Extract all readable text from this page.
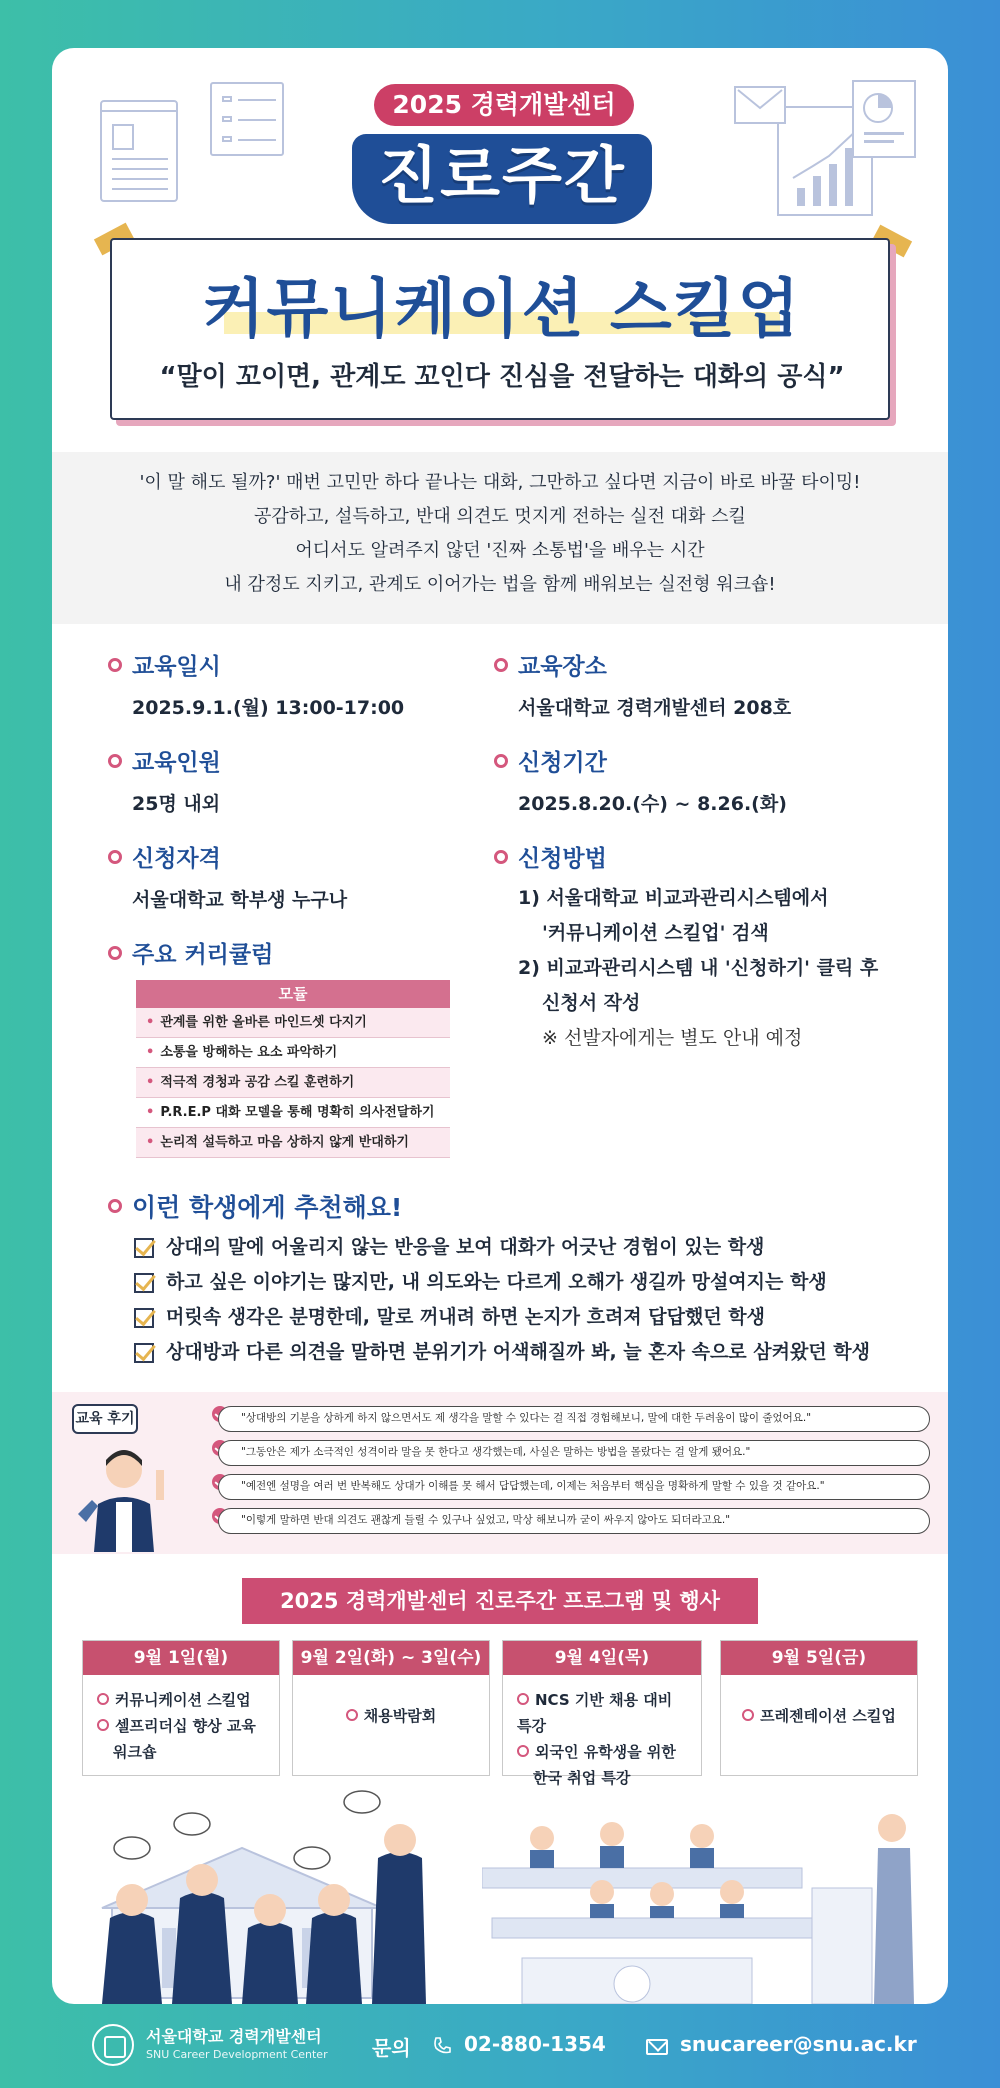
2025 경력개발센터
진로주간
커뮤니케이션 스킬업
“말이 꼬이면, 관계도 꼬인다 진심을 전달하는 대화의 공식”

'이 말 해도 될까?' 매번 고민만 하다 끝나는 대화, 그만하고 싶다면 지금이 바로 바꿀 타이밍!

공감하고, 설득하고, 반대 의견도 멋지게 전하는 실전 대화 스킬

어디서도 알려주지 않던 '진짜 소통법'을 배우는 시간

내 감정도 지키고, 관계도 이어가는 법을 함께 배워보는 실전형 워크숍!

교육일시
2025.9.1.(월) 13:00-17:00
교육장소
서울대학교 경력개발센터 208호
교육인원
25명 내외
신청기간
2025.8.20.(수) ~ 8.26.(화)
신청자격
서울대학교 학부생 누구나
신청방법
1) 서울대학교 비교과관리시스템에서
'커뮤니케이션 스킬업' 검색
2) 비교과관리시스템 내 '신청하기' 클릭 후
신청서 작성
※ 선발자에게는 별도 안내 예정
주요 커리큘럼
모듈
• 관계를 위한 올바른 마인드셋 다지기
• 소통을 방해하는 요소 파악하기
• 적극적 경청과 공감 스킬 훈련하기
• P.R.E.P 대화 모델을 통해 명확히 의사전달하기
• 논리적 설득하고 마음 상하지 않게 반대하기
이런 학생에게 추천해요!
상대의 말에 어울리지 않는 반응을 보여 대화가 어긋난 경험이 있는 학생
하고 싶은 이야기는 많지만, 내 의도와는 다르게 오해가 생길까 망설여지는 학생
머릿속 생각은 분명한데, 말로 꺼내려 하면 논지가 흐려져 답답했던 학생
상대방과 다른 의견을 말하면 분위기가 어색해질까 봐, 늘 혼자 속으로 삼켜왔던 학생
교육 후기	"상대방의 기분을 상하게 하지 않으면서도 제 생각을 말할 수 있다는 걸 직접 경험해보니, 말에 대한 두려움이 많이 줄었어요."
"그동안은 제가 소극적인 성격이라 말을 못 한다고 생각했는데, 사실은 말하는 방법을 몰랐다는 걸 알게 됐어요."
"예전엔 설명을 여러 번 반복해도 상대가 이해를 못 해서 답답했는데, 이제는 처음부터 핵심을 명확하게 말할 수 있을 것 같아요."
"이렇게 말하면 반대 의견도 괜찮게 들릴 수 있구나 싶었고, 막상 해보니까 굳이 싸우지 않아도 되더라고요."
2025 경력개발센터 진로주간 프로그램 및 행사
9월 1일(월)
커뮤니케이션 스킬업
셀프리더십 향상 교육
워크숍
9월 2일(화) ~ 3일(수)
채용박람회
9월 4일(목)
NCS 기반 채용 대비 특강
외국인 유학생을 위한
한국 취업 특강
9월 5일(금)
프레젠테이션 스킬업
서울대학교 경력개발센터
SNU Career Development Center 문의	02-880-1354	snucareer@snu.ac.kr
